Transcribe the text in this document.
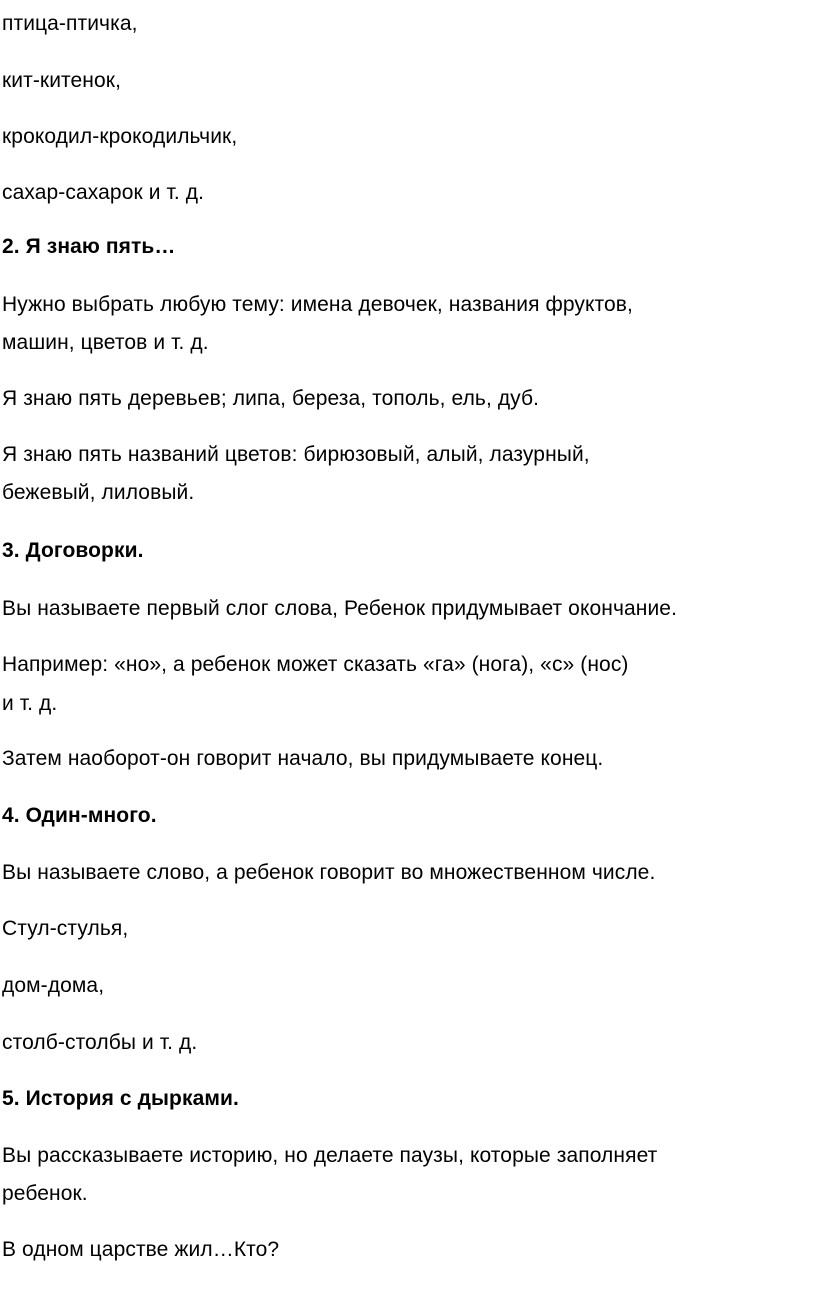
птица-птичка,

кит-китенок,

крокодил-крокодильчик,

сахар-сахарок и т. д.

2. Я знаю пять…

Нужно выбрать любую тему: имена девочек, названия фруктов,

машин, цветов и т. д.

Я знаю пять деревьев; липа, береза, тополь, ель, дуб.

Я знаю пять названий цветов: бирюзовый, алый, лазурный,

бежевый, лиловый.

3. Договорки.

Вы называете первый слог слова, Ребенок придумывает окончание.

Например: «но», а ребенок может сказать «га» (нога), «с» (нос)

и т. д.

Затем наоборот-он говорит начало, вы придумываете конец.

4. Один-много.

Вы называете слово, а ребенок говорит во множественном числе.

Стул-стулья,

дом-дома,

столб-столбы и т. д.

5. История с дырками.

Вы рассказываете историю, но делаете паузы, которые заполняет

ребенок.

В одном царстве жил…Кто?
